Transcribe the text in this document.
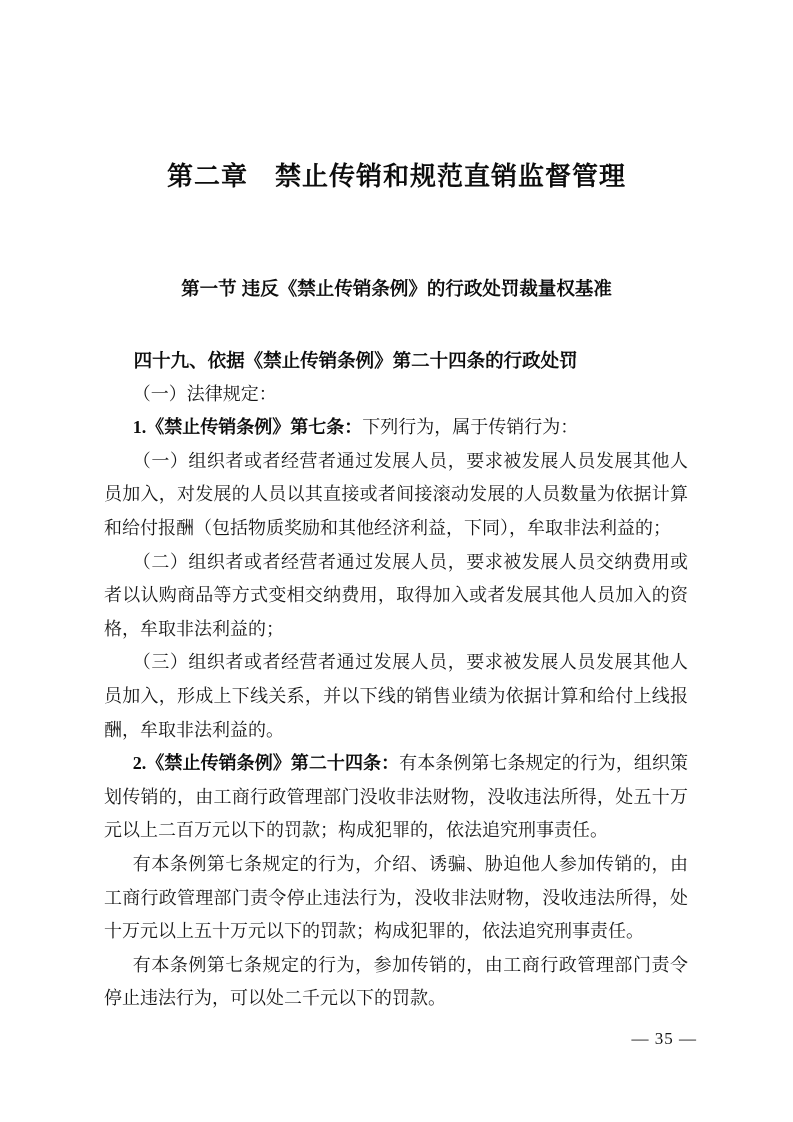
第二章　禁止传销和规范直销监督管理
第一节 违反《禁止传销条例》的行政处罚裁量权基准
四十九、依据《禁止传销条例》第二十四条的行政处罚

（一）法律规定：

1.《禁止传销条例》第七条：下列行为，属于传销行为：

（一）组织者或者经营者通过发展人员，要求被发展人员发展其他人员加入，对发展的人员以其直接或者间接滚动发展的人员数量为依据计算和给付报酬（包括物质奖励和其他经济利益，下同），牟取非法利益的；

（二）组织者或者经营者通过发展人员，要求被发展人员交纳费用或者以认购商品等方式变相交纳费用，取得加入或者发展其他人员加入的资格，牟取非法利益的；

（三）组织者或者经营者通过发展人员，要求被发展人员发展其他人员加入，形成上下线关系，并以下线的销售业绩为依据计算和给付上线报酬，牟取非法利益的。

2.《禁止传销条例》第二十四条：有本条例第七条规定的行为，组织策划传销的，由工商行政管理部门没收非法财物，没收违法所得，处五十万元以上二百万元以下的罚款；构成犯罪的，依法追究刑事责任。

有本条例第七条规定的行为，介绍、诱骗、胁迫他人参加传销的，由工商行政管理部门责令停止违法行为，没收非法财物，没收违法所得，处十万元以上五十万元以下的罚款；构成犯罪的，依法追究刑事责任。

有本条例第七条规定的行为，参加传销的，由工商行政管理部门责令停止违法行为，可以处二千元以下的罚款。

— 35 —
